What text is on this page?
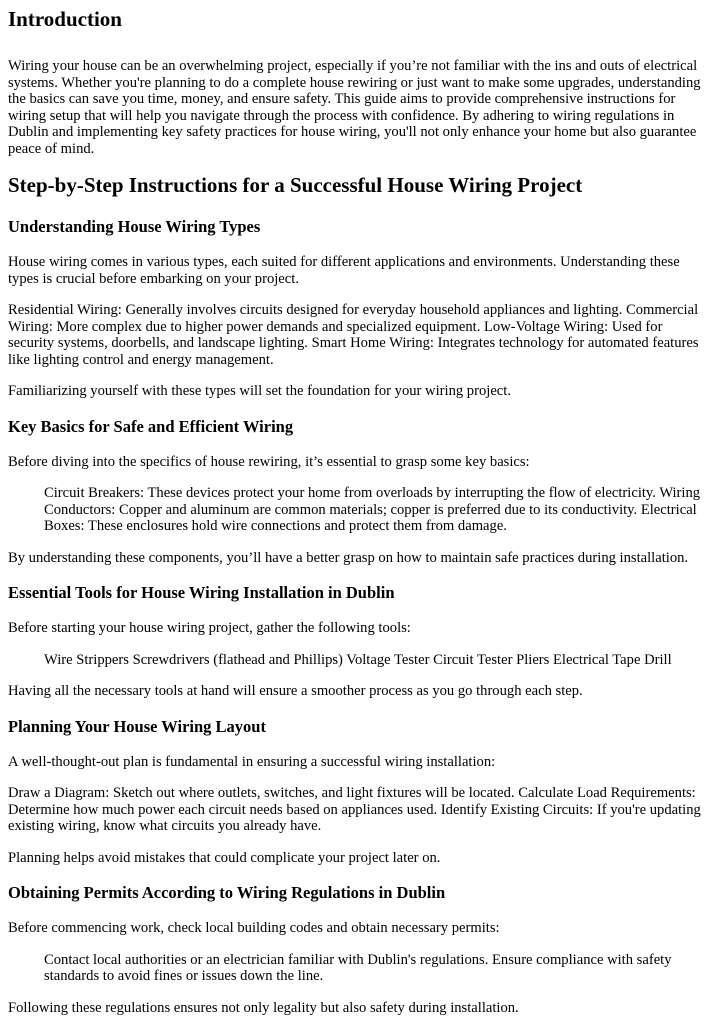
Introduction

Wiring your house can be an overwhelming project, especially if you’re not familiar with the ins and outs of electrical systems. Whether you're planning to do a complete house rewiring or just want to make some upgrades, understanding the basics can save you time, money, and ensure safety. This guide aims to provide comprehensive instructions for wiring setup that will help you navigate through the process with confidence. By adhering to wiring regulations in Dublin and implementing key safety practices for house wiring, you'll not only enhance your home but also guarantee peace of mind.

Step-by-Step Instructions for a Successful House Wiring Project
Understanding House Wiring Types

House wiring comes in various types, each suited for different applications and environments. Understanding these types is crucial before embarking on your project.

Residential Wiring: Generally involves circuits designed for everyday household appliances and lighting. Commercial Wiring: More complex due to higher power demands and specialized equipment. Low-Voltage Wiring: Used for security systems, doorbells, and landscape lighting. Smart Home Wiring: Integrates technology for automated features like lighting control and energy management.

Familiarizing yourself with these types will set the foundation for your wiring project.

Key Basics for Safe and Efficient Wiring

Before diving into the specifics of house rewiring, it’s essential to grasp some key basics:

Circuit Breakers: These devices protect your home from overloads by interrupting the flow of electricity. Wiring Conductors: Copper and aluminum are common materials; copper is preferred due to its conductivity. Electrical Boxes: These enclosures hold wire connections and protect them from damage.

By understanding these components, you’ll have a better grasp on how to maintain safe practices during installation.

Essential Tools for House Wiring Installation in Dublin

Before starting your house wiring project, gather the following tools:

Wire Strippers Screwdrivers (flathead and Phillips) Voltage Tester Circuit Tester Pliers Electrical Tape Drill

Having all the necessary tools at hand will ensure a smoother process as you go through each step.

Planning Your House Wiring Layout

A well-thought-out plan is fundamental in ensuring a successful wiring installation:

Draw a Diagram: Sketch out where outlets, switches, and light fixtures will be located. Calculate Load Requirements: Determine how much power each circuit needs based on appliances used. Identify Existing Circuits: If you're updating existing wiring, know what circuits you already have.

Planning helps avoid mistakes that could complicate your project later on.

Obtaining Permits According to Wiring Regulations in Dublin

Before commencing work, check local building codes and obtain necessary permits:

Contact local authorities or an electrician familiar with Dublin's regulations. Ensure compliance with safety standards to avoid fines or issues down the line.

Following these regulations ensures not only legality but also safety during installation.
